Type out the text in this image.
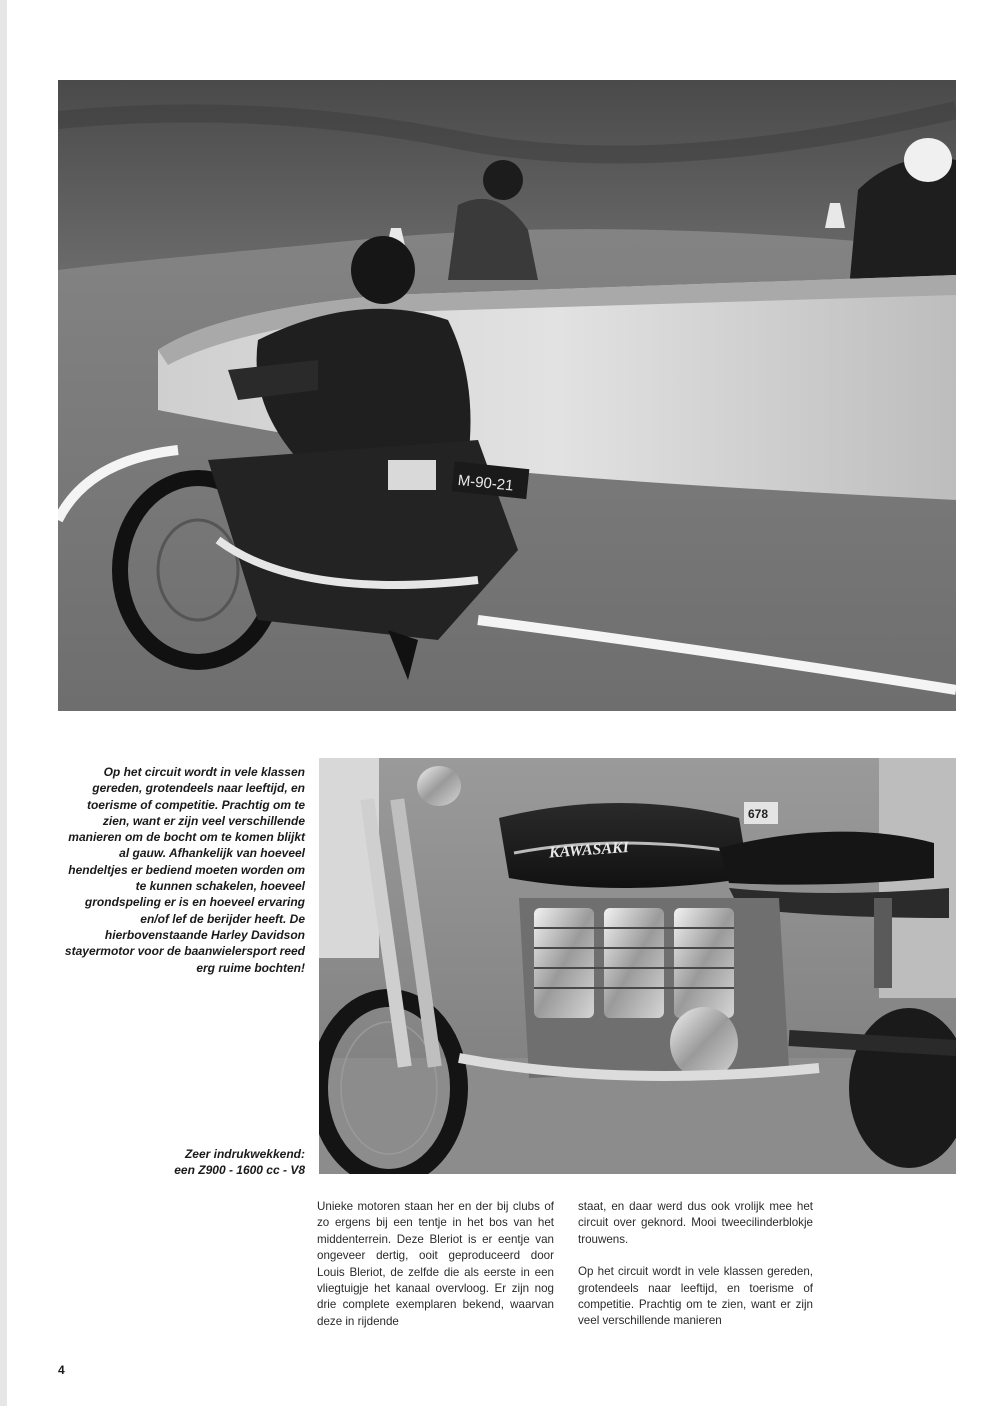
M-90-21

Op het circuit wordt in vele klassen gereden, grotendeels naar leeftijd, en toerisme of competitie. Prachtig om te zien, want er zijn veel verschillende manieren om de bocht om te komen blijkt al gauw. Afhankelijk van hoeveel hendeltjes er bediend moeten worden om te kunnen schakelen, hoeveel grondspeling er is en hoeveel ervaring en/of lef de berijder heeft. De hierbovenstaande Harley Davidson stayermotor voor de baanwielersport reed erg ruime bochten!

678
KAWASAKI

Zeer indrukwekkend:
een Z900 - 1600 cc - V8

Unieke motoren staan her en der bij clubs of zo ergens bij een tentje in het bos van het middenterrein. Deze Bleriot is er eentje van ongeveer dertig, ooit geproduceerd door Louis Bleriot, de zelfde die als eerste in een vliegtuigje het kanaal overvloog. Er zijn nog drie complete exemplaren bekend, waarvan deze in rijdende

staat, en daar werd dus ook vrolijk mee het circuit over geknord. Mooi tweecilinderblokje trouwens.

Op het circuit wordt in vele klassen gereden, grotendeels naar leeftijd, en toerisme of competitie. Prachtig om te zien, want er zijn veel verschillende manieren

4
